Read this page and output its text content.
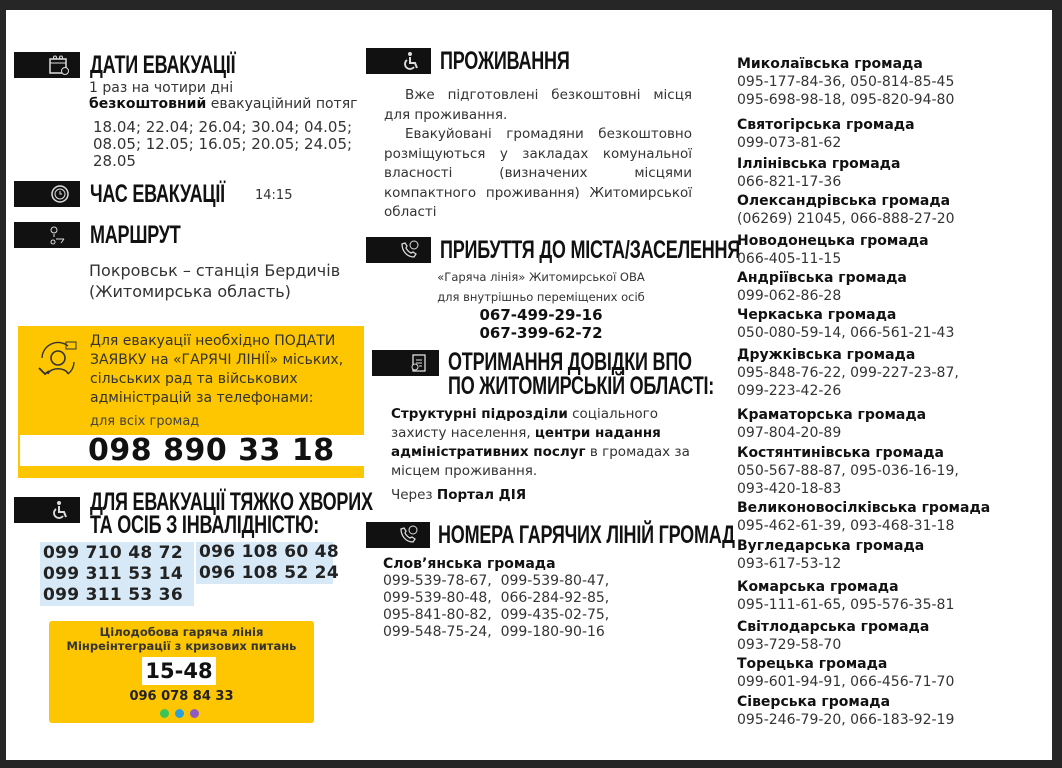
ДАТИ ЕВАКУАЦІЇ
1 раз на чотири дні
безкоштовний евакуаційний потяг
18.04; 22.04; 26.04; 30.04; 04.05;
08.05; 12.05; 16.05; 20.05; 24.05;
28.05
ЧАС ЕВАКУАЦІЇ 14:15
МАРШРУТ
Покровськ – станція Бердичів
(Житомирська область)
Для евакуації необхідно ПОДАТИ
ЗАЯВКУ на «ГАРЯЧІ ЛІНІЇ» міських,
сільських рад та військових
адміністрацій за телефонами:
для всіх громад
098 890 33 18
ДЛЯ ЕВАКУАЦІЇ ТЯЖКО ХВОРИХ
ТА ОСІБ З ІНВАЛІДНІСТЮ:
099 710 48 72
099 311 53 14
099 311 53 36
096 108 60 48
096 108 52 24
Цілодобова гаряча лінія
Мінреінтеграції з кризових питань
15-48
096 078 84 33
ПРОЖИВАННЯ
Вже підготовлені безкоштовні місця для проживання.
Евакуйовані громадяни безкоштовно розміщуються у закладах комунальної власності (визначених місцями компактного проживання) Житомирської області
ПРИБУТТЯ ДО МІСТА/ЗАСЕЛЕННЯ
«Гаряча лінія» Житомирської ОВА
для внутрішньо переміщених осіб
067-499-29-16
067-399-62-72
ОТРИМАННЯ ДОВІДКИ ВПО
ПО ЖИТОМИРСЬКІЙ ОБЛАСТІ:
Структурні підрозділи соціального захисту населення, центри надання адміністративних послуг в громадах за місцем проживання.
Через Портал ДІЯ
НОМЕРА ГАРЯЧИХ ЛІНІЙ ГРОМАД
Слов’янська громада
099-539-78-67,  099-539-80-47,
099-539-80-48,  066-284-92-85,
095-841-80-82,  099-435-02-75,
099-548-75-24,  099-180-90-16
Миколаївська громада
095-177-84-36, 050-814-85-45
095-698-98-18, 095-820-94-80
Святогірська громада
099-073-81-62
Іллінівська громада
066-821-17-36
Олександрівська громада
(06269) 21045, 066-888-27-20
Новодонецька громада
066-405-11-15
Андріївська громада
099-062-86-28
Черкаська громада
050-080-59-14, 066-561-21-43
Дружківська громада
095-848-76-22, 099-227-23-87,
099-223-42-26
Краматорська громада
097-804-20-89
Костянтинівська громада
050-567-88-87, 095-036-16-19,
093-420-18-83
Великоновосілківська громада
095-462-61-39, 093-468-31-18
Вугледарська громада
093-617-53-12
Комарська громада
095-111-61-65, 095-576-35-81
Світлодарська громада
093-729-58-70
Торецька громада
099-601-94-91, 066-456-71-70
Сіверська громада
095-246-79-20, 066-183-92-19
